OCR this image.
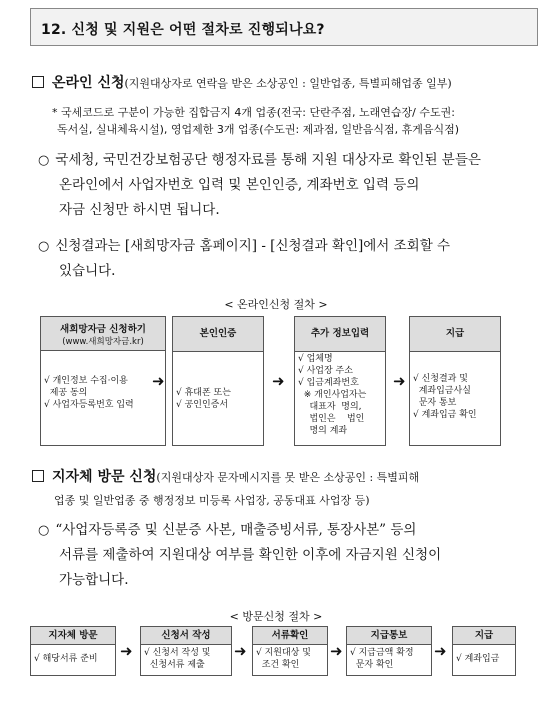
12. 신청 및 지원은 어떤 절차로 진행되나요?
온라인 신청(지원대상자로 연락을 받은 소상공인 : 일반업종, 특별피해업종 일부)
* 국세코드로 구분이 가능한 집합금지 4개 업종(전국: 단란주점, 노래연습장/ 수도권:
독서실, 실내체육시설), 영업제한 3개 업종(수도권: 제과점, 일반음식점, 휴게음식점)
○ 국세청, 국민건강보험공단 행정자료를 통해 지원 대상자로 확인된 분들은
온라인에서 사업자번호 입력 및 본인인증, 계좌번호 입력 등의
자금 신청만 하시면 됩니다.
○ 신청결과는 [새희망자금 홈페이지] - [신청결과 확인]에서 조회할 수
있습니다.
< 온라인신청 절차 >
새희망자금 신청하기
(www.새희망자금.kr)
√ 개인정보 수집·이용
제공 동의
√ 사업자등록번호 입력
➜
본인인증
√ 휴대폰 또는
√ 공인인증서
➜
추가 정보입력
√ 업체명
√ 사업장 주소
√ 입금계좌번호
※ 개인사업자는
대표자  명의,
법인은    법인
명의 계좌
➜
지급
√ 신청결과 및
계좌입금사실
문자 통보
√ 계좌입금 확인
지자체 방문 신청(지원대상자 문자메시지를 못 받은 소상공인 : 특별피해
업종 및 일반업종 중 행정정보 미등록 사업장, 공동대표 사업장 등)
○ “사업자등록증 및 신분증 사본, 매출증빙서류, 통장사본” 등의
서류를 제출하여 지원대상 여부를 확인한 이후에 자금지원 신청이
가능합니다.
< 방문신청 절차 >
지자체 방문
√ 해당서류 준비	➜
신청서 작성
√ 신청서 작성 및
신청서류 제출
➜
서류확인
√ 지원대상 및
조건 확인
➜
지급통보
√ 지급금액 확정
문자 확인
➜
지급
√ 계좌입금
